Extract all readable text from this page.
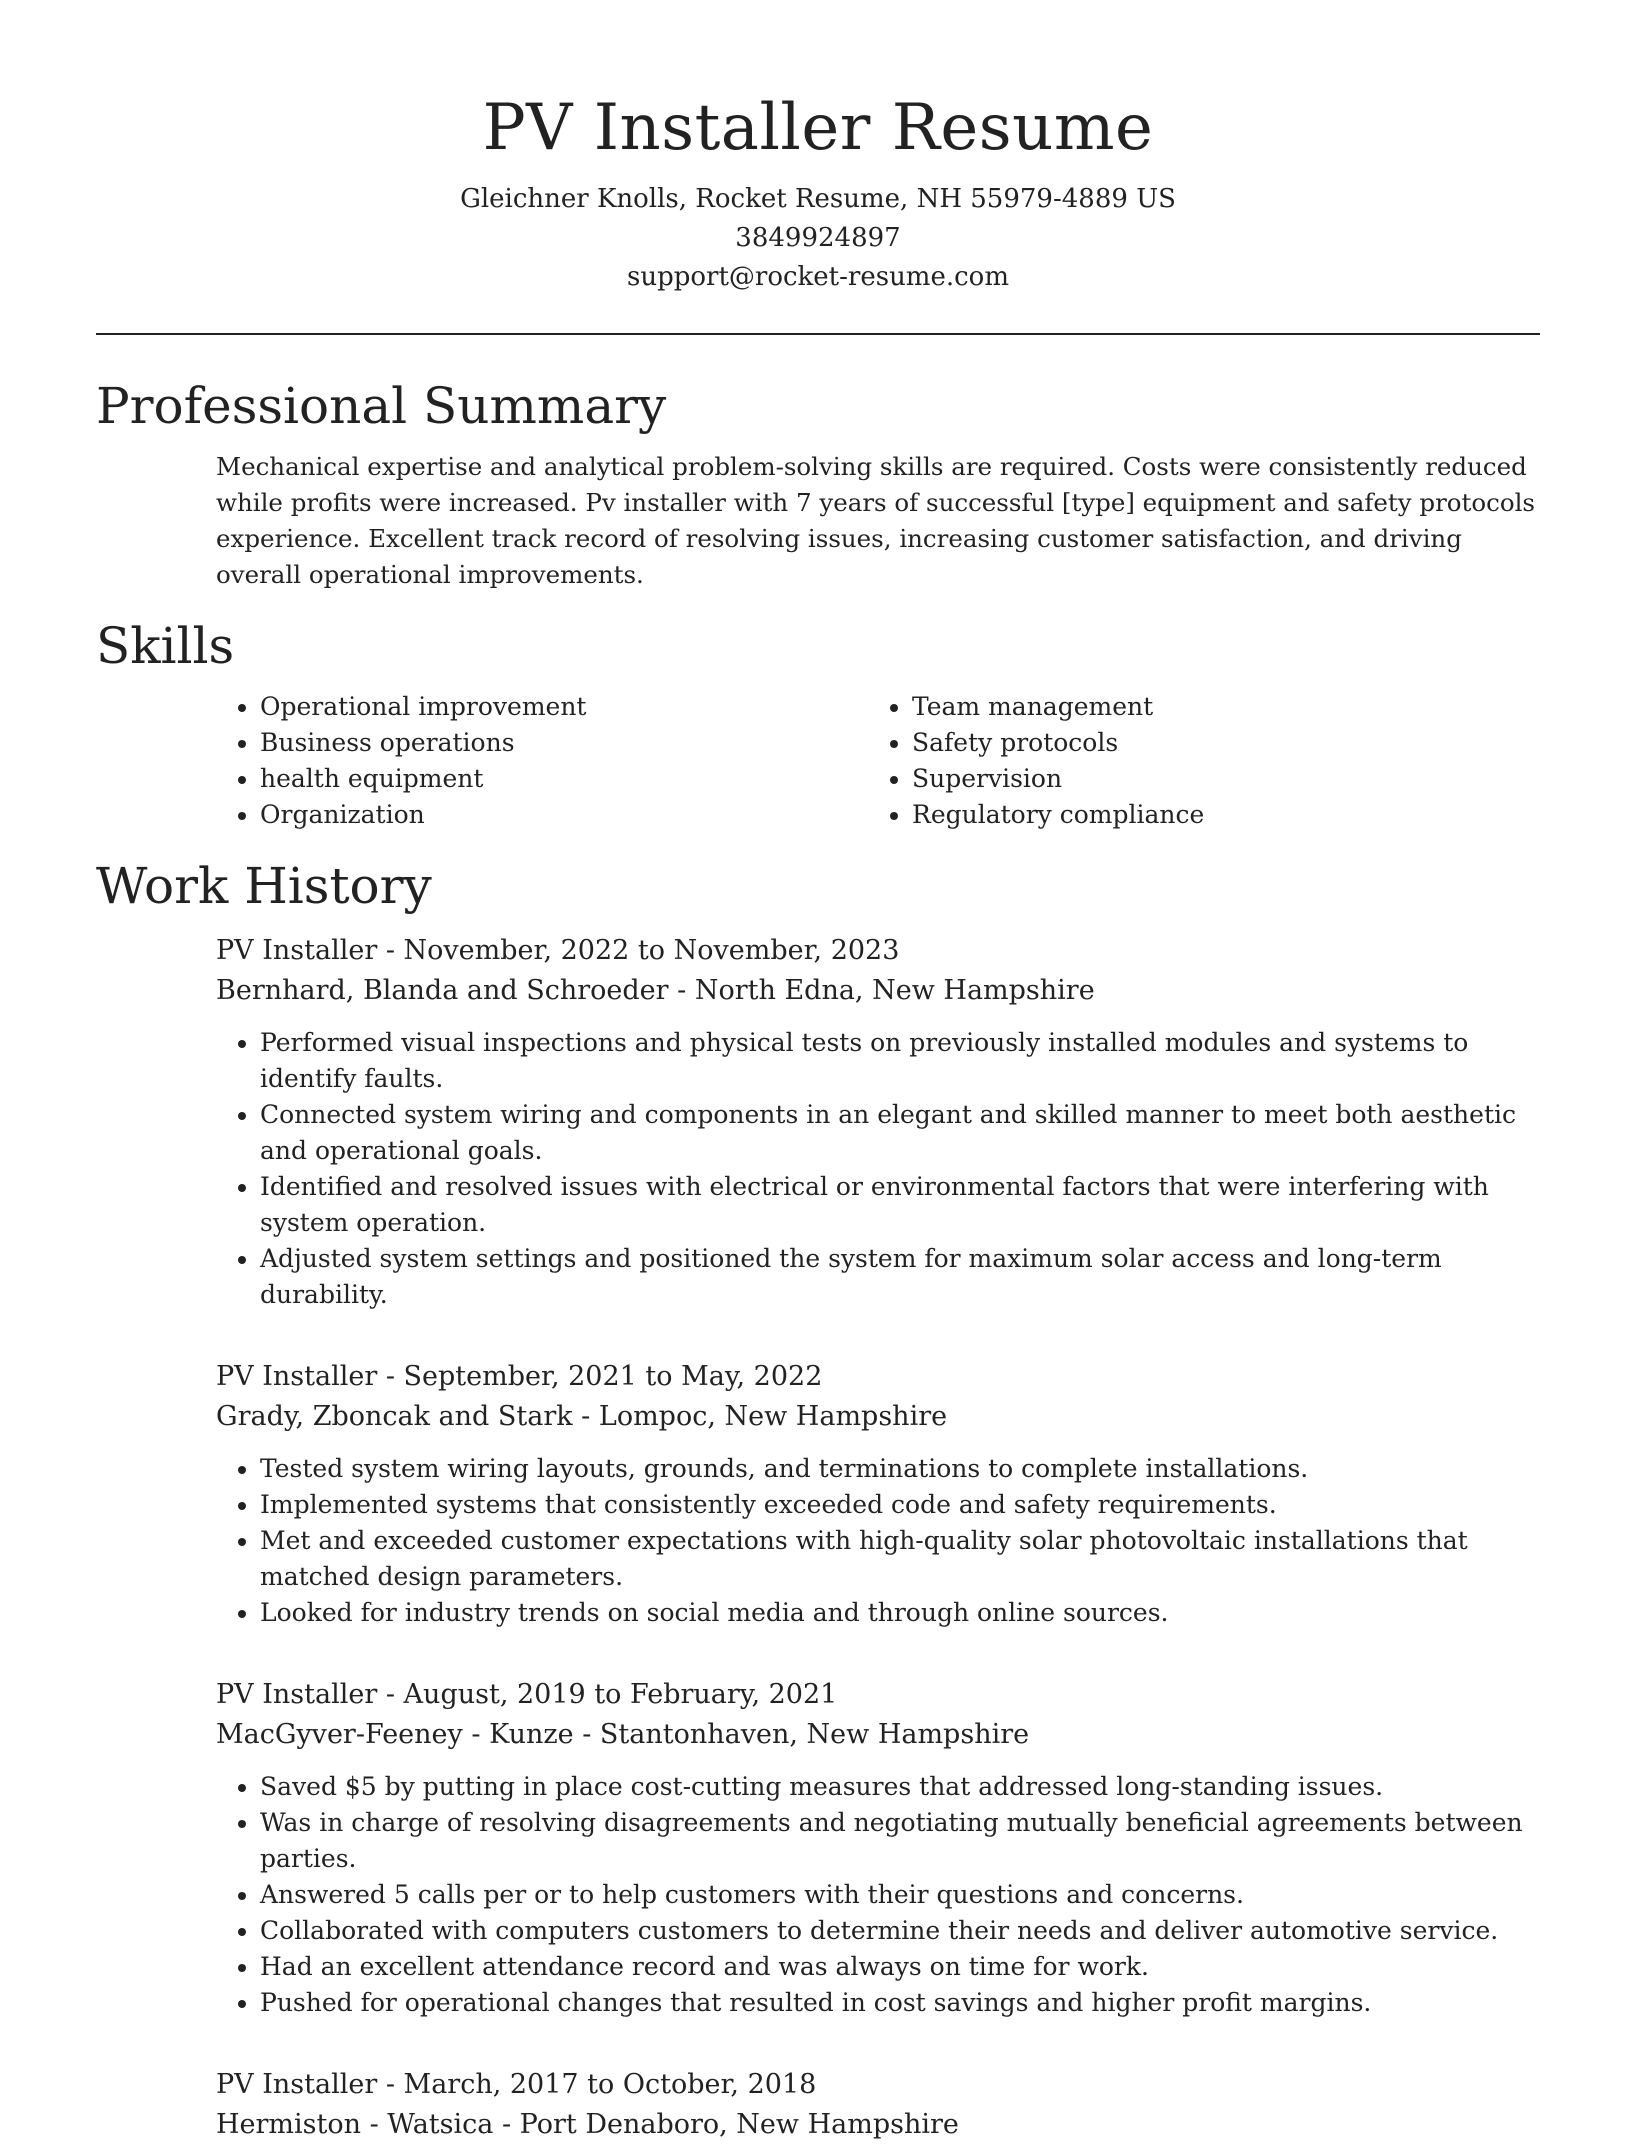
PV Installer Resume
Gleichner Knolls, Rocket Resume, NH 55979-4889 US
3849924897
support@rocket-resume.com
Professional Summary
Mechanical expertise and analytical problem-solving skills are required. Costs were consistently reduced while profits were increased. Pv installer with 7 years of successful [type] equipment and safety protocols experience. Excellent track record of resolving issues, increasing customer satisfaction, and driving overall operational improvements.
Skills
• Operational improvement
• Business operations
• health equipment
• Organization
• Team management
• Safety protocols
• Supervision
• Regulatory compliance
Work History
PV Installer - November, 2022 to November, 2023
Bernhard, Blanda and Schroeder - North Edna, New Hampshire
• Performed visual inspections and physical tests on previously installed modules and systems to identify faults.
• Connected system wiring and components in an elegant and skilled manner to meet both aesthetic and operational goals.
• Identified and resolved issues with electrical or environmental factors that were interfering with system operation.
• Adjusted system settings and positioned the system for maximum solar access and long-term durability.
PV Installer - September, 2021 to May, 2022
Grady, Zboncak and Stark - Lompoc, New Hampshire
• Tested system wiring layouts, grounds, and terminations to complete installations.
• Implemented systems that consistently exceeded code and safety requirements.
• Met and exceeded customer expectations with high-quality solar photovoltaic installations that matched design parameters.
• Looked for industry trends on social media and through online sources.
PV Installer - August, 2019 to February, 2021
MacGyver-Feeney - Kunze - Stantonhaven, New Hampshire
• Saved $5 by putting in place cost-cutting measures that addressed long-standing issues.
• Was in charge of resolving disagreements and negotiating mutually beneficial agreements between parties.
• Answered 5 calls per or to help customers with their questions and concerns.
• Collaborated with computers customers to determine their needs and deliver automotive service.
• Had an excellent attendance record and was always on time for work.
• Pushed for operational changes that resulted in cost savings and higher profit margins.
PV Installer - March, 2017 to October, 2018
Hermiston - Watsica - Port Denaboro, New Hampshire
